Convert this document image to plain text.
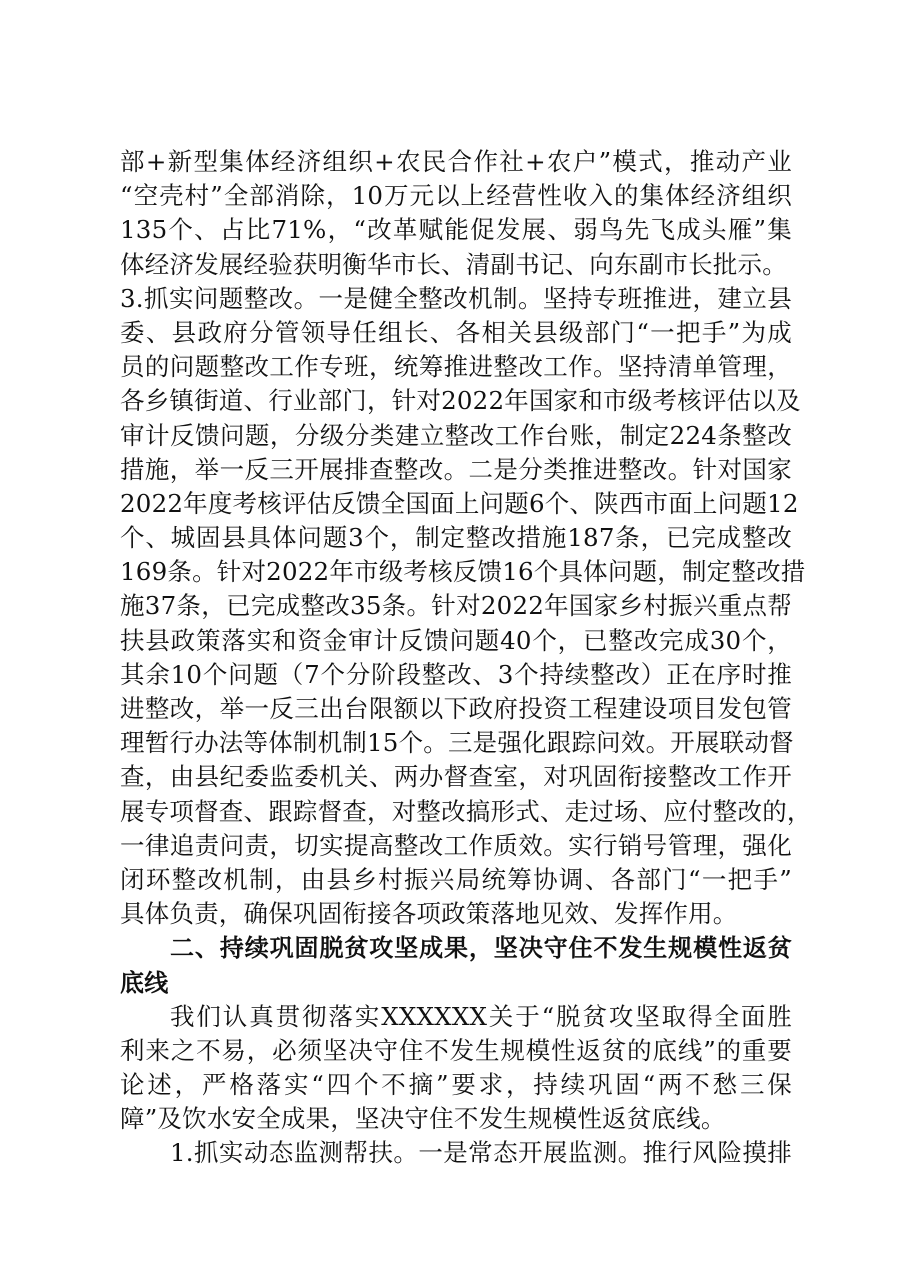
部+新型集体经济组织+农民合作社+农户”模式，推动产业
“空壳村”全部消除，10万元以上经营性收入的集体经济组织
135个、占比71%，“改革赋能促发展、弱鸟先飞成头雁”集
体经济发展经验获明衡华市长、清副书记、向东副市长批示。
3.抓实问题整改。一是健全整改机制。坚持专班推进，建立县
委、县政府分管领导任组长、各相关县级部门“一把手”为成
员的问题整改工作专班，统筹推进整改工作。坚持清单管理，
各乡镇街道、行业部门，针对2022年国家和市级考核评估以及
审计反馈问题，分级分类建立整改工作台账，制定224条整改
措施，举一反三开展排查整改。二是分类推进整改。针对国家
2022年度考核评估反馈全国面上问题6个、陕西市面上问题12
个、城固县具体问题3个，制定整改措施187条，已完成整改
169条。针对2022年市级考核反馈16个具体问题，制定整改措
施37条，已完成整改35条。针对2022年国家乡村振兴重点帮
扶县政策落实和资金审计反馈问题40个，已整改完成30个，
其余10个问题（7个分阶段整改、3个持续整改）正在序时推
进整改，举一反三出台限额以下政府投资工程建设项目发包管
理暂行办法等体制机制15个。三是强化跟踪问效。开展联动督
查，由县纪委监委机关、两办督查室，对巩固衔接整改工作开
展专项督查、跟踪督查，对整改搞形式、走过场、应付整改的，
一律追责问责，切实提高整改工作质效。实行销号管理，强化
闭环整改机制，由县乡村振兴局统筹协调、各部门“一把手”
具体负责，确保巩固衔接各项政策落地见效、发挥作用。
二、持续巩固脱贫攻坚成果，坚决守住不发生规模性返贫
底线
我们认真贯彻落实XXXXXX关于“脱贫攻坚取得全面胜
利来之不易，必须坚决守住不发生规模性返贫的底线”的重要
论述，严格落实“四个不摘”要求，持续巩固“两不愁三保
障”及饮水安全成果，坚决守住不发生规模性返贫底线。
1.抓实动态监测帮扶。一是常态开展监测。推行风险摸排
